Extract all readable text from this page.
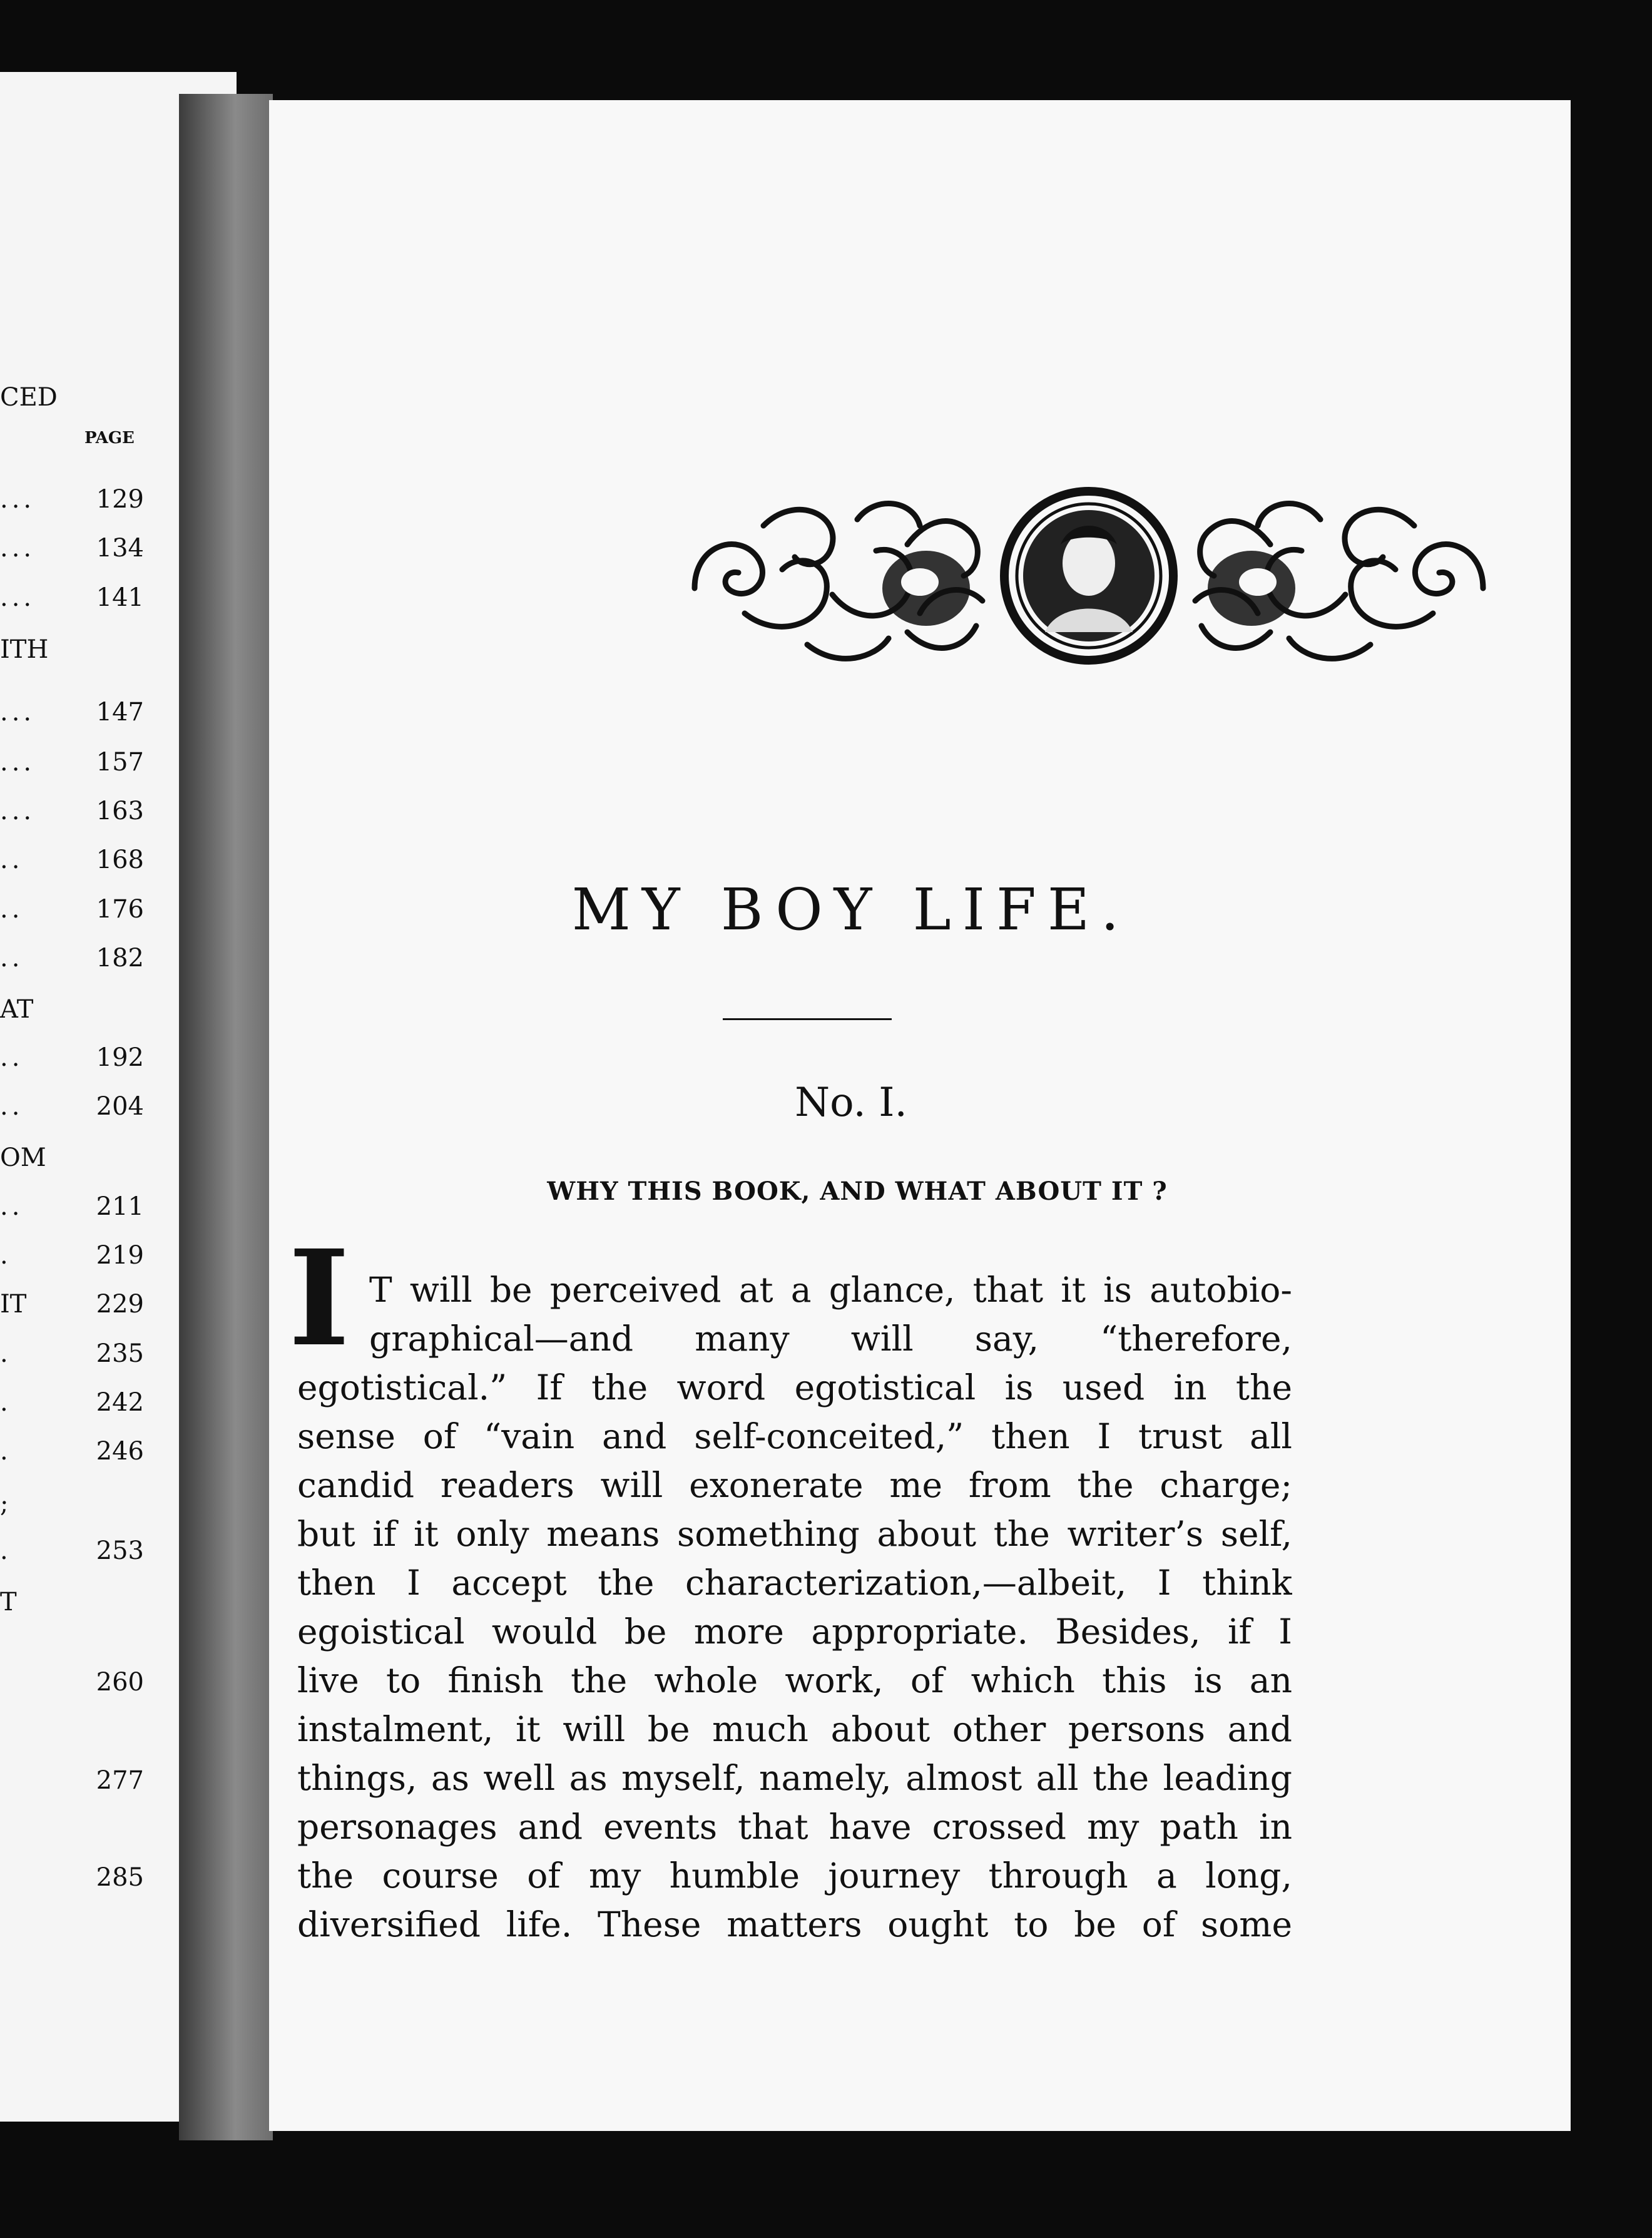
PAGE
CED
... 129
... 134
... 141
ITH
... 147
... 157
... 163
..	168
..	176
..	182
AT
..	192
..	204
OM
..	211
.	219
IT	229
.	235
.	242
.	246
;
.	253
T
260
277
285
MY BOY LIFE.
No. I.
WHY THIS BOOK, AND WHAT ABOUT IT ?
I T will be perceived at a glance, that it is autobio-
graphical—and many will say, “therefore,
egotistical.” If the word egotistical is used in the
sense of “vain and self-conceited,” then I trust all
candid readers will exonerate me from the charge;
but if it only means something about the writer’s self,
then I accept the characterization,—albeit, I think
egoistical would be more appropriate. Besides, if I
live to finish the whole work, of which this is an
instalment, it will be much about other persons and
things, as well as myself, namely, almost all the leading
personages and events that have crossed my path in
the course of my humble journey through a long,
diversified life. These matters ought to be of some
